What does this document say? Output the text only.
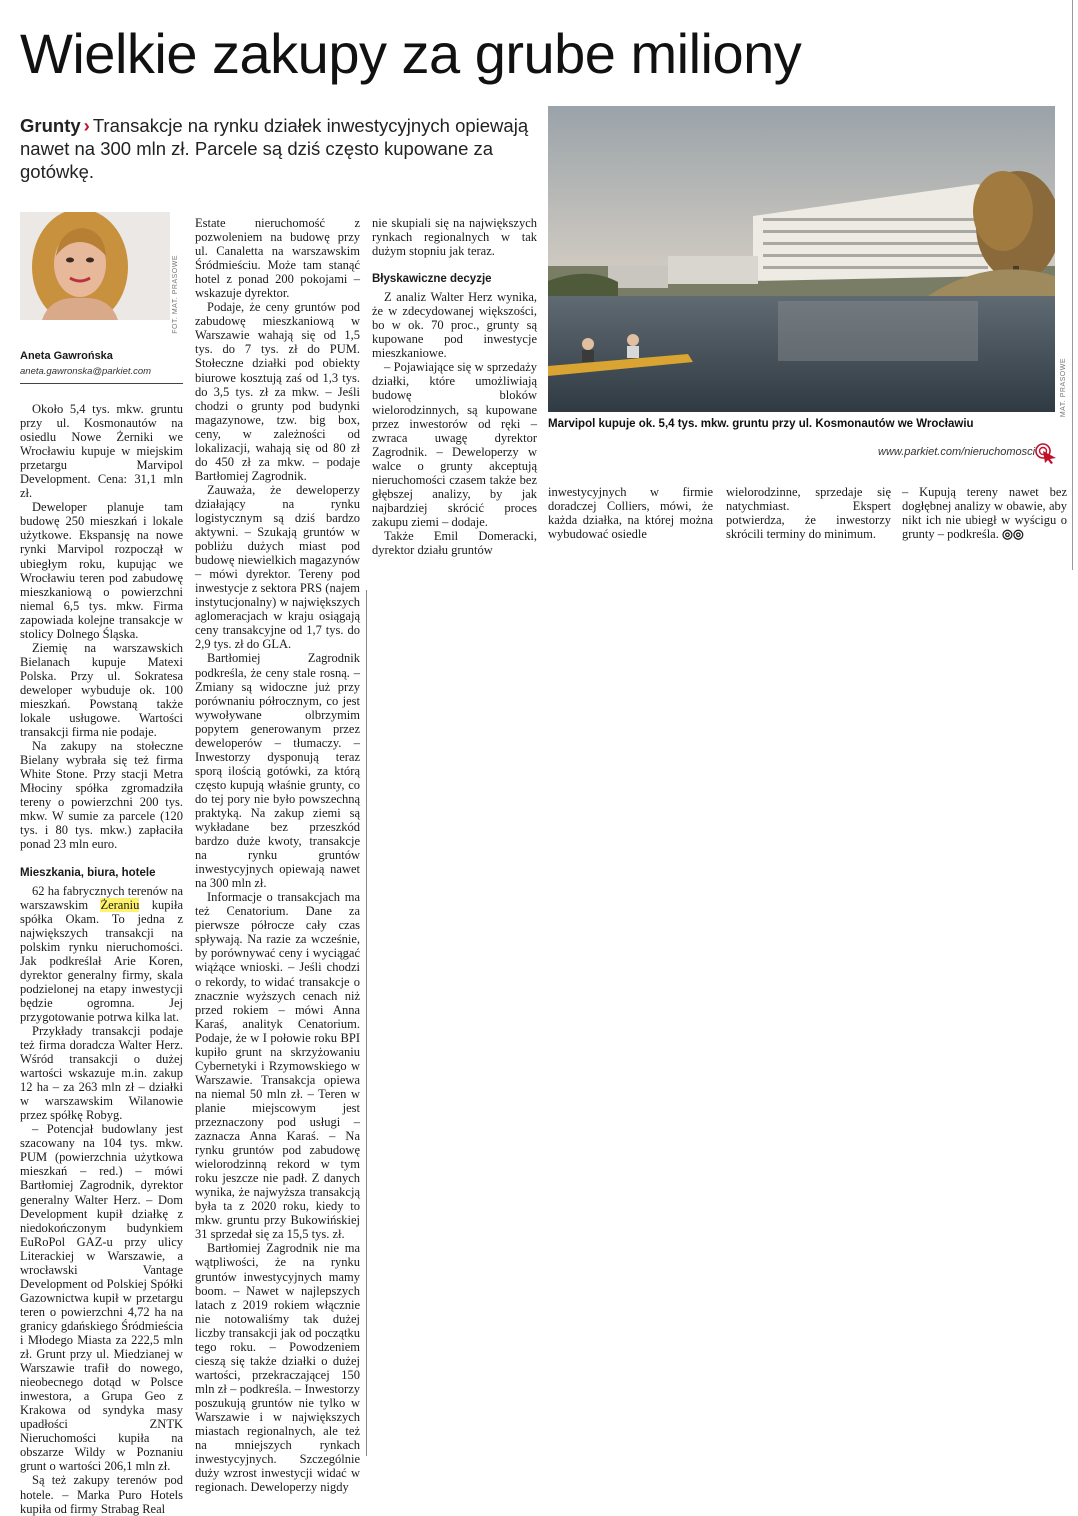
Wielkie zakupy za grube miliony
Grunty › Transakcje na rynku działek inwestycyjnych opiewają nawet na 300 mln zł. Parcele są dziś często kupowane za gotówkę.
FOT. MAT. PRASOWE
Aneta Gawrońska
aneta.gawronska@parkiet.com	MAT. PRASOWE
Marvipol kupuje ok. 5,4 tys. mkw. gruntu przy ul. Kosmonautów we Wrocławiu
www.parkiet.com/nieruchomosci

Około 5,4 tys. mkw. gruntu przy ul. Kosmonautów na osiedlu Nowe Żerniki we Wrocławiu kupuje w miejskim przetargu Marvipol Development. Cena: 31,1 mln zł.

Deweloper planuje tam budowę 250 mieszkań i lokale użytkowe. Ekspansję na nowe rynki Marvipol rozpoczął w ubiegłym roku, kupując we Wrocławiu teren pod zabudowę mieszkaniową o powierzchni niemal 6,5 tys. mkw. Firma zapowiada kolejne transakcje w stolicy Dolnego Śląska.

Ziemię na warszawskich Bielanach kupuje Matexi Polska. Przy ul. Sokratesa deweloper wybuduje ok. 100 mieszkań. Powstaną także lokale usługowe. Wartości transakcji firma nie podaje.

Na zakupy na stołeczne Bielany wybrała się też firma White Stone. Przy stacji Metra Młociny spółka zgromadziła tereny o powierzchni 200 tys. mkw. W sumie za parcele (120 tys. i 80 tys. mkw.) zapłaciła ponad 23 mln euro.

Mieszkania, biura, hotele

62 ha fabrycznych terenów na warszawskim Żeraniu kupiła spółka Okam. To jedna z największych transakcji na polskim rynku nieruchomości. Jak podkreślał Arie Koren, dyrektor generalny firmy, skala podzielonej na etapy inwestycji będzie ogromna. Jej przygotowanie potrwa kilka lat.

Przykłady transakcji podaje też firma doradcza Walter Herz. Wśród transakcji o dużej wartości wskazuje m.in. zakup 12 ha – za 263 mln zł – działki w warszawskim Wilanowie przez spółkę Robyg.

– Potencjał budowlany jest szacowany na 104 tys. mkw. PUM (powierzchnia użytkowa mieszkań – red.) – mówi Bartłomiej Zagrodnik, dyrektor generalny Walter Herz. – Dom Development kupił działkę z niedokończonym budynkiem EuRoPol GAZ-u przy ulicy Literackiej w Warszawie, a wrocławski Vantage Development od Polskiej Spółki Gazownictwa kupił w przetargu teren o powierzchni 4,72 ha na granicy gdańskiego Śródmieścia i Młodego Miasta za 222,5 mln zł. Grunt przy ul. Miedzianej w Warszawie trafił do nowego, nieobecnego dotąd w Polsce inwestora, a Grupa Geo z Krakowa od syndyka masy upadłości ZNTK Nieruchomości kupiła na obszarze Wildy w Poznaniu grunt o wartości 206,1 mln zł.

Są też zakupy terenów pod hotele. – Marka Puro Hotels kupiła od firmy Strabag Real

Estate nieruchomość z pozwoleniem na budowę przy ul. Canaletta na warszawskim Śródmieściu. Może tam stanąć hotel z ponad 200 pokojami – wskazuje dyrektor.

Podaje, że ceny gruntów pod zabudowę mieszkaniową w Warszawie wahają się od 1,5 tys. do 7 tys. zł do PUM. Stołeczne działki pod obiekty biurowe kosztują zaś od 1,3 tys. do 3,5 tys. zł za mkw. – Jeśli chodzi o grunty pod budynki magazynowe, tzw. big box, ceny, w zależności od lokalizacji, wahają się od 80 zł do 450 zł za mkw. – podaje Bartłomiej Zagrodnik.

Zauważa, że deweloperzy działający na rynku logistycznym są dziś bardzo aktywni. – Szukają gruntów w pobliżu dużych miast pod budowę niewielkich magazynów – mówi dyrektor. Tereny pod inwestycje z sektora PRS (najem instytucjonalny) w największych aglomeracjach w kraju osiągają ceny transakcyjne od 1,7 tys. do 2,9 tys. zł do GLA.

Bartłomiej Zagrodnik podkreśla, że ceny stale rosną. – Zmiany są widoczne już przy porównaniu półrocznym, co jest wywoływane olbrzymim popytem generowanym przez deweloperów – tłumaczy. – Inwestorzy dysponują teraz sporą ilością gotówki, za którą często kupują właśnie grunty, co do tej pory nie było powszechną praktyką. Na zakup ziemi są wykładane bez przeszkód bardzo duże kwoty, transakcje na rynku gruntów inwestycyjnych opiewają nawet na 300 mln zł.

Informacje o transakcjach ma też Cenatorium. Dane za pierwsze półrocze cały czas spływają. Na razie za wcześnie, by porównywać ceny i wyciągać wiążące wnioski. – Jeśli chodzi o rekordy, to widać transakcje o znacznie wyższych cenach niż przed rokiem – mówi Anna Karaś, analityk Cenatorium. Podaje, że w I połowie roku BPI kupiło grunt na skrzyżowaniu Cybernetyki i Rzymowskiego w Warszawie. Transakcja opiewa na niemal 50 mln zł. – Teren w planie miejscowym jest przeznaczony pod usługi – zaznacza Anna Karaś. – Na rynku gruntów pod zabudowę wielorodzinną rekord w tym roku jeszcze nie padł. Z danych wynika, że najwyższa transakcją była ta z 2020 roku, kiedy to mkw. gruntu przy Bukowińskiej 31 sprzedał się za 15,5 tys. zł.

Bartłomiej Zagrodnik nie ma wątpliwości, że na rynku gruntów inwestycyjnych mamy boom. – Nawet w najlepszych latach z 2019 rokiem włącznie nie notowaliśmy tak dużej liczby transakcji jak od początku tego roku. – Powodzeniem cieszą się także działki o dużej wartości, przekraczającej 150 mln zł – podkreśla. – Inwestorzy poszukują gruntów nie tylko w Warszawie i w największych miastach regionalnych, ale też na mniejszych rynkach inwestycyjnych. Szczególnie duży wzrost inwestycji widać w regionach. Deweloperzy nigdy

nie skupiali się na największych rynkach regionalnych w tak dużym stopniu jak teraz.

Błyskawiczne decyzje

Z analiz Walter Herz wynika, że w zdecydowanej większości, bo w ok. 70 proc., grunty są kupowane pod inwestycje mieszkaniowe.

– Pojawiające się w sprzedaży działki, które umożliwiają budowę bloków wielorodzinnych, są kupowane przez inwestorów od ręki – zwraca uwagę dyrektor Zagrodnik. – Deweloperzy w walce o grunty akceptują nieruchomości czasem także bez głębszej analizy, by jak najbardziej skrócić proces zakupu ziemi – dodaje.

Także Emil Domeracki, dyrektor działu gruntów

inwestycyjnych w firmie doradczej Colliers, mówi, że każda działka, na której można wybudować osiedle

wielorodzinne, sprzedaje się natychmiast. Ekspert potwierdza, że inwestorzy skrócili terminy do minimum.

– Kupują tereny nawet bez dogłębnej analizy w obawie, aby nikt ich nie ubiegł w wyścigu o grunty – podkreśla. ◎◎
